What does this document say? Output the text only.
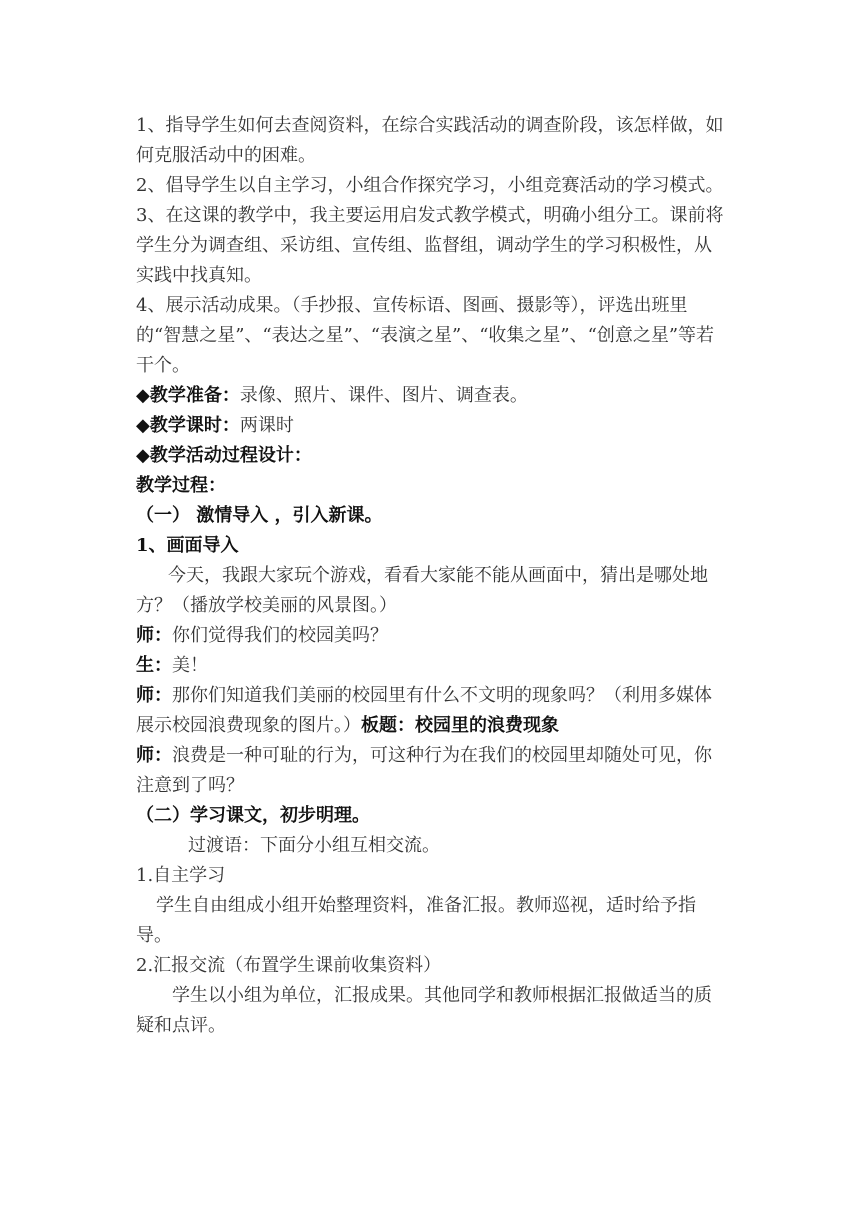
1、指导学生如何去查阅资料，在综合实践活动的调查阶段，该怎样做，如何克服活动中的困难。

2、倡导学生以自主学习，小组合作探究学习，小组竞赛活动的学习模式。

3、在这课的教学中，我主要运用启发式教学模式，明确小组分工。课前将学生分为调查组、采访组、宣传组、监督组，调动学生的学习积极性，从实践中找真知。

4、展示活动成果。（手抄报、宣传标语、图画、摄影等），评选出班里的“智慧之星”、“表达之星”、“表演之星”、“收集之星”、“创意之星”等若干个。

◆教学准备：录像、照片、课件、图片、调查表。

◆教学课时：两课时

◆教学活动过程设计：

教学过程：

（一） 激情导入 ，引入新课。

1、画面导入

今天，我跟大家玩个游戏，看看大家能不能从画面中，猜出是哪处地方？（播放学校美丽的风景图。）

师：你们觉得我们的校园美吗？

生：美！

师：那你们知道我们美丽的校园里有什么不文明的现象吗？（利用多媒体展示校园浪费现象的图片。）板题：校园里的浪费现象

师：浪费是一种可耻的行为，可这种行为在我们的校园里却随处可见，你注意到了吗？

（二）学习课文，初步明理。

过渡语：下面分小组互相交流。

1.自主学习

学生自由组成小组开始整理资料，准备汇报。教师巡视，适时给予指导。

2.汇报交流（布置学生课前收集资料）

学生以小组为单位，汇报成果。其他同学和教师根据汇报做适当的质疑和点评。
